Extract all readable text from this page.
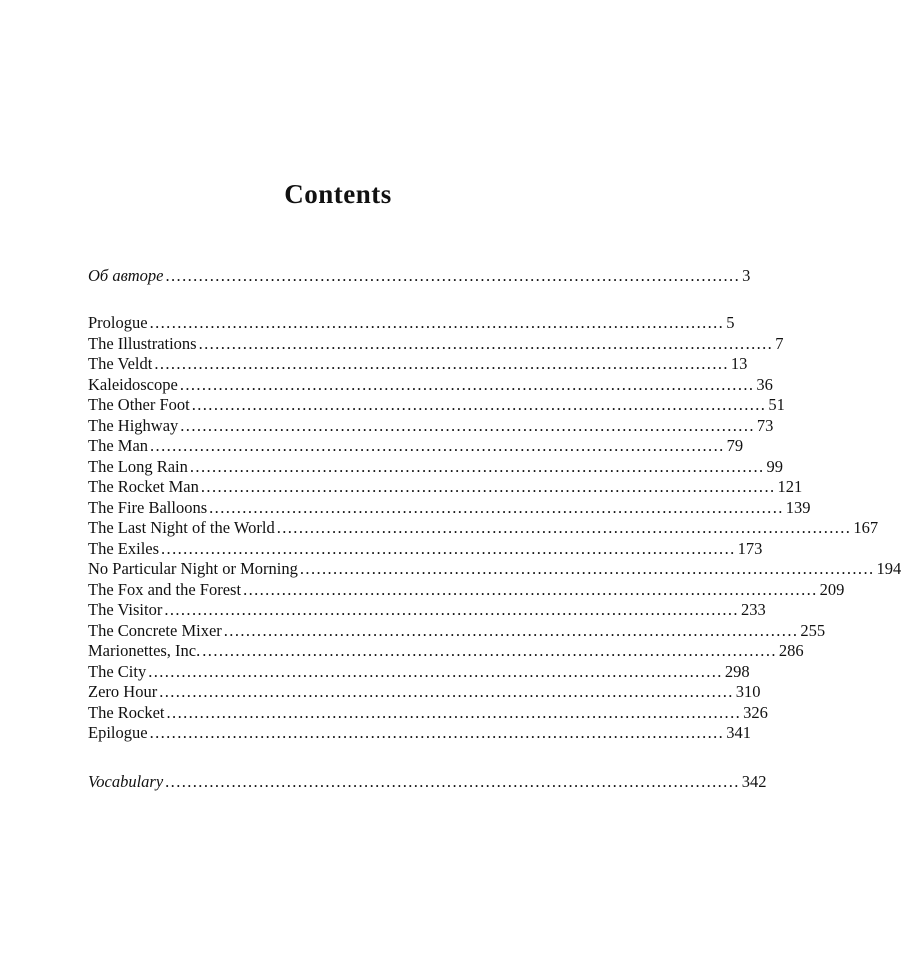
Contents
Об авторе ........................................................................................................ 3
Prologue ........................................................................................................ 5
The Illustrations ........................................................................................................ 7
The Veldt ........................................................................................................ 13
Kaleidoscope ........................................................................................................ 36
The Other Foot ........................................................................................................ 51
The Highway ........................................................................................................ 73
The Man ........................................................................................................ 79
The Long Rain ........................................................................................................ 99
The Rocket Man ........................................................................................................ 121
The Fire Balloons ........................................................................................................ 139
The Last Night of the World ........................................................................................................ 167
The Exiles ........................................................................................................ 173
No Particular Night or Morning ........................................................................................................ 194
The Fox and the Forest ........................................................................................................ 209
The Visitor ........................................................................................................ 233
The Concrete Mixer ........................................................................................................ 255
Marionettes, Inc. ........................................................................................................ 286
The City ........................................................................................................ 298
Zero Hour ........................................................................................................ 310
The Rocket ........................................................................................................ 326
Epilogue ........................................................................................................ 341
Vocabulary ........................................................................................................ 342
